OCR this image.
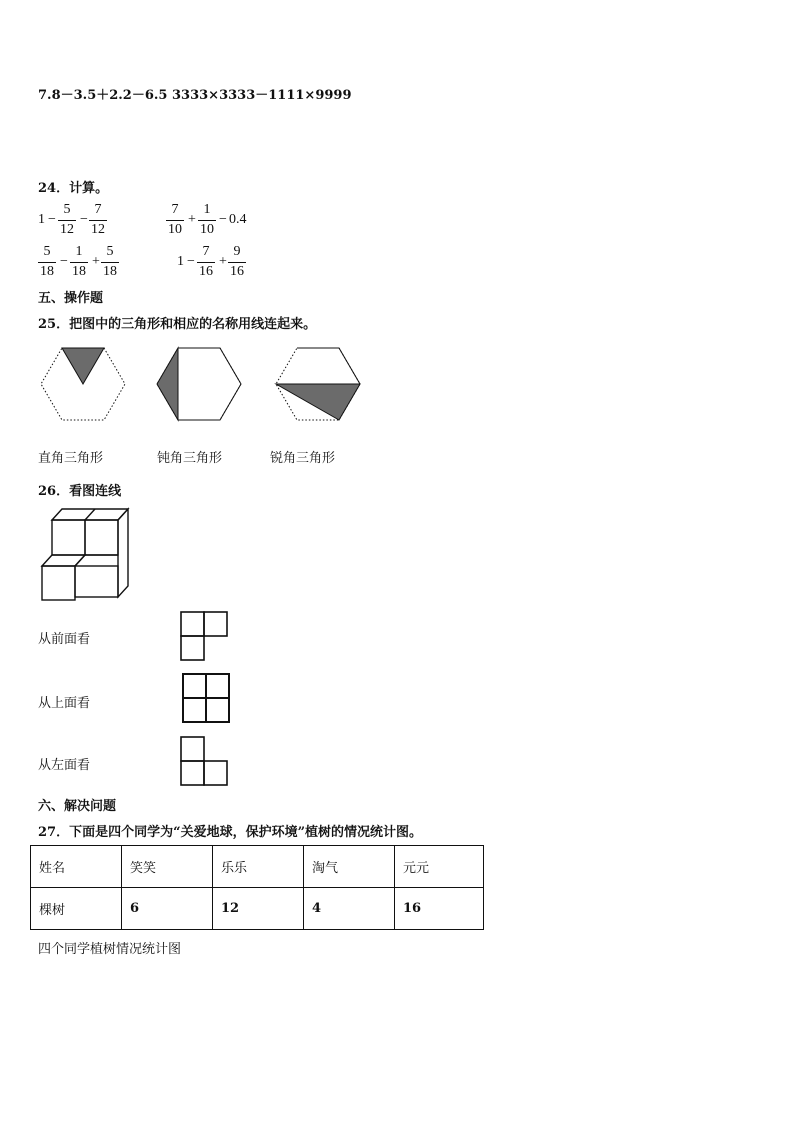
7.8－3.5＋2.2－6.5 3333×3333－1111×9999
24．计算。
1 −
5
12
−
7
12
7
10
+
1
10
− 0.4
5
18
−
1
18
+
5
18
1 −
7
16
+
9
16
五、操作题
25．把图中的三角形和相应的名称用线连起来。
直角三角形	钝角三角形	锐角三角形
26．看图连线
从前面看
从上面看
从左面看
六、解决问题
27．下面是四个同学为“关爱地球，保护环境”植树的情况统计图。
姓名	笑笑	乐乐	淘气	元元
棵树	6	12	4	16
四个同学植树情况统计图
